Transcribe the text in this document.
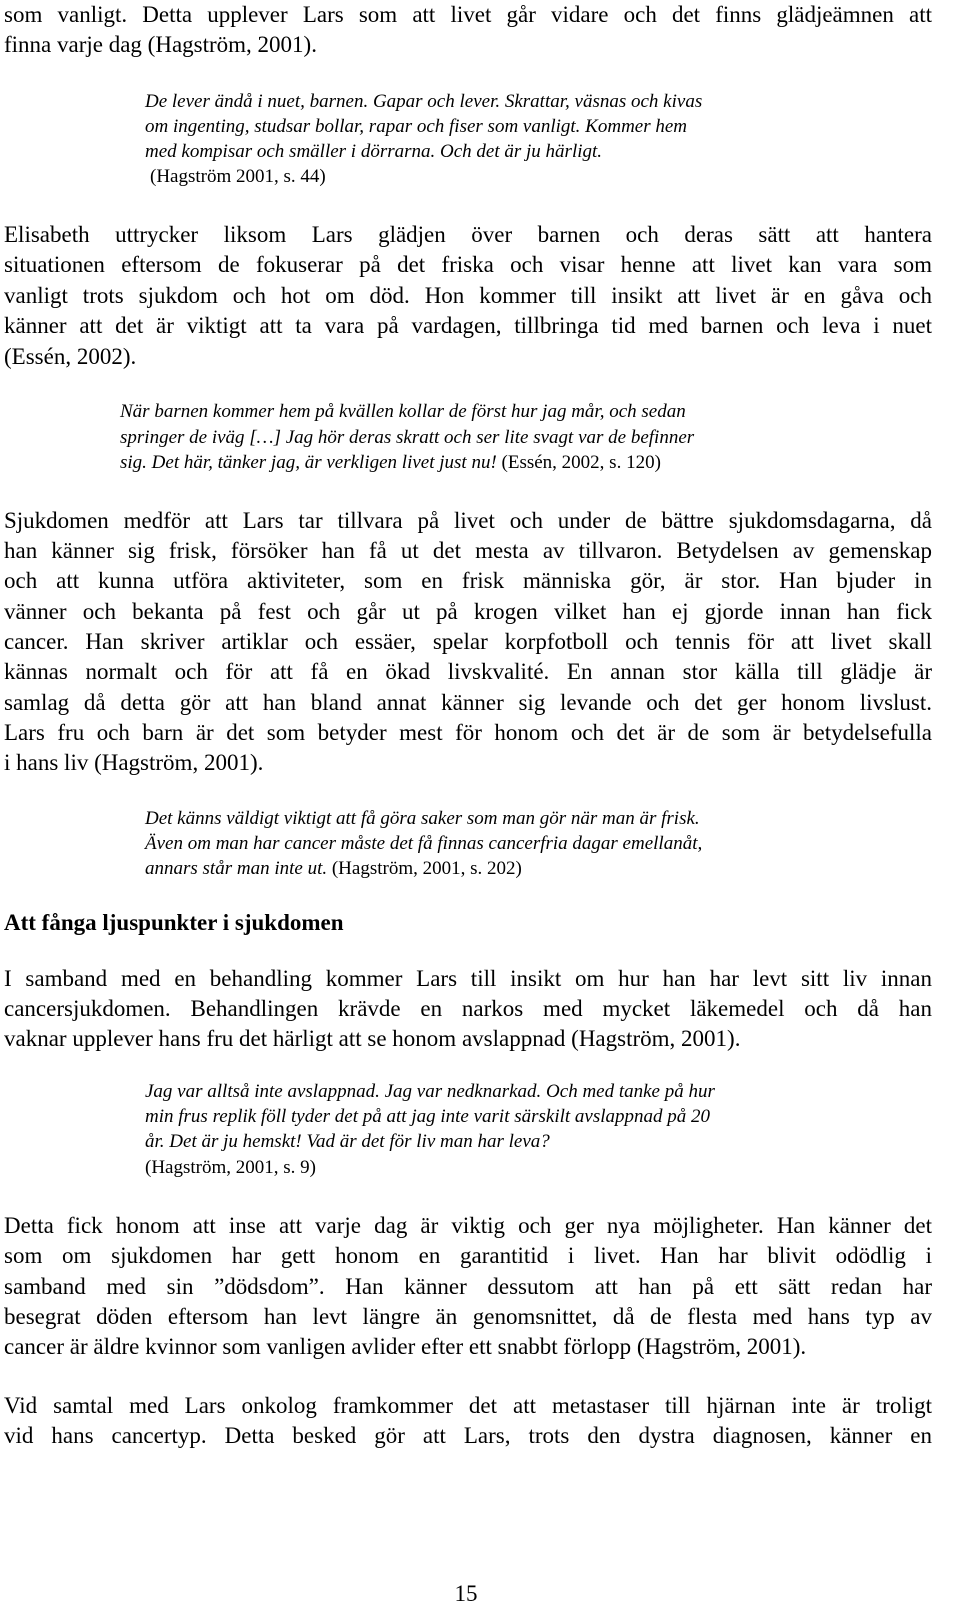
som vanligt. Detta upplever Lars som att livet går vidare och det finns glädjeämnen att
finna varje dag (Hagström, 2001).
De lever ändå i nuet, barnen. Gapar och lever. Skrattar, väsnas och kivas
om ingenting, studsar bollar, rapar och fiser som vanligt. Kommer hem
med kompisar och smäller i dörrarna. Och det är ju härligt.
(Hagström 2001, s. 44)
Elisabeth uttrycker liksom Lars glädjen över barnen och deras sätt att hantera
situationen eftersom de fokuserar på det friska och visar henne att livet kan vara som
vanligt trots sjukdom och hot om död. Hon kommer till insikt att livet är en gåva och
känner att det är viktigt att ta vara på vardagen, tillbringa tid med barnen och leva i nuet
(Essén, 2002).
När barnen kommer hem på kvällen kollar de först hur jag mår, och sedan
springer de iväg […] Jag hör deras skratt och ser lite svagt var de befinner
sig. Det här, tänker jag, är verkligen livet just nu! (Essén, 2002, s. 120)
Sjukdomen medför att Lars tar tillvara på livet och under de bättre sjukdomsdagarna, då
han känner sig frisk, försöker han få ut det mesta av tillvaron. Betydelsen av gemenskap
och att kunna utföra aktiviteter, som en frisk människa gör, är stor. Han bjuder in
vänner och bekanta på fest och går ut på krogen vilket han ej gjorde innan han fick
cancer. Han skriver artiklar och essäer, spelar korpfotboll och tennis för att livet skall
kännas normalt och för att få en ökad livskvalité. En annan stor källa till glädje är
samlag då detta gör att han bland annat känner sig levande och det ger honom livslust.
Lars fru och barn är det som betyder mest för honom och det är de som är betydelsefulla
i hans liv (Hagström, 2001).
Det känns väldigt viktigt att få göra saker som man gör när man är frisk.
Även om man har cancer måste det få finnas cancerfria dagar emellanåt,
annars står man inte ut. (Hagström, 2001, s. 202)
Att fånga ljuspunkter i sjukdomen
I samband med en behandling kommer Lars till insikt om hur han har levt sitt liv innan
cancersjukdomen. Behandlingen krävde en narkos med mycket läkemedel och då han
vaknar upplever hans fru det härligt att se honom avslappnad (Hagström, 2001).
Jag var alltså inte avslappnad. Jag var nedknarkad. Och med tanke på hur
min frus replik föll tyder det på att jag inte varit särskilt avslappnad på 20
år. Det är ju hemskt! Vad är det för liv man har leva?
(Hagström, 2001, s. 9)
Detta fick honom att inse att varje dag är viktig och ger nya möjligheter. Han känner det
som om sjukdomen har gett honom en garantitid i livet. Han har blivit odödlig i
samband med sin ”dödsdom”. Han känner dessutom att han på ett sätt redan har
besegrat döden eftersom han levt längre än genomsnittet, då de flesta med hans typ av
cancer är äldre kvinnor som vanligen avlider efter ett snabbt förlopp (Hagström, 2001).
Vid samtal med Lars onkolog framkommer det att metastaser till hjärnan inte är troligt
vid hans cancertyp. Detta besked gör att Lars, trots den dystra diagnosen, känner en
15
